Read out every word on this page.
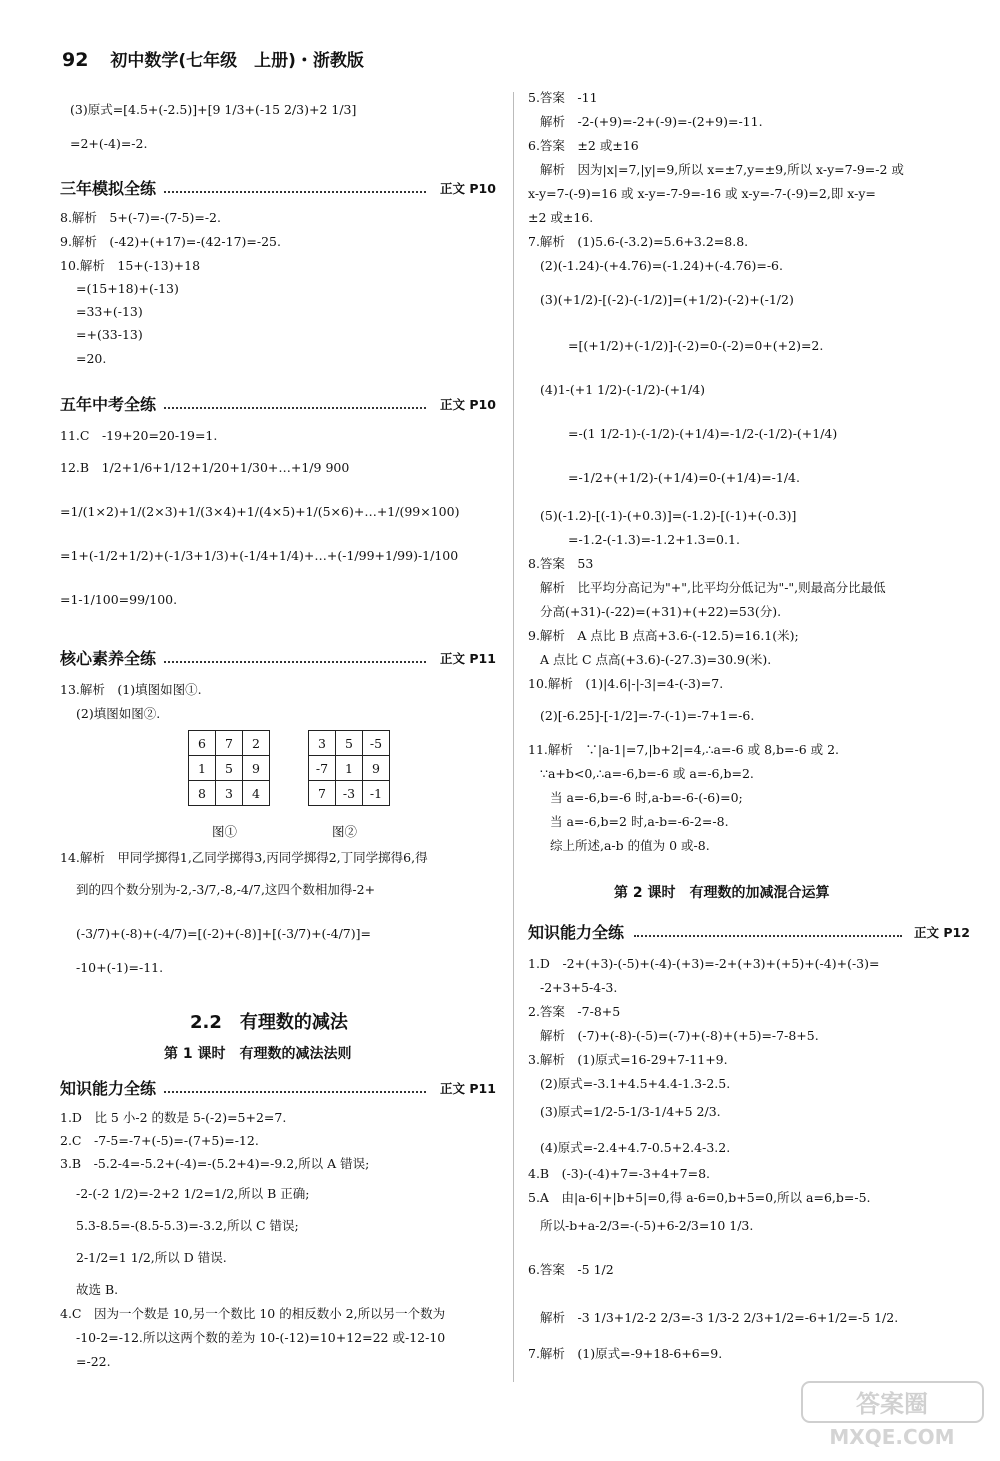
92 初中数学(七年级　上册)・浙教版
(3)原式=[4.5+(-2.5)]+[9 1/3+(-15 2/3)+2 1/3]
=2+(-4)=-2.
三年模拟全练	正文 P10
8.解析　5+(-7)=-(7-5)=-2.
9.解析　(-42)+(+17)=-(42-17)=-25.
10.解析　15+(-13)+18
=(15+18)+(-13)
=33+(-13)
=+(33-13)
=20.
五年中考全练	正文 P10
11.C　-19+20=20-19=1.
12.B　1/2+1/6+1/12+1/20+1/30+…+1/9 900
=1/(1×2)+1/(2×3)+1/(3×4)+1/(4×5)+1/(5×6)+…+1/(99×100)
=1+(-1/2+1/2)+(-1/3+1/3)+(-1/4+1/4)+…+(-1/99+1/99)-1/100
=1-1/100=99/100.
核心素养全练	正文 P11
13.解析　(1)填图如图①.
(2)填图如图②.
6	7	2
1	5	9
8	3	4
图①
3	5	-5
-7	1	9
7	-3	-1
图②
14.解析　甲同学掷得1,乙同学掷得3,丙同学掷得2,丁同学掷得6,得
到的四个数分别为-2,-3/7,-8,-4/7,这四个数相加得-2+
(-3/7)+(-8)+(-4/7)=[(-2)+(-8)]+[(-3/7)+(-4/7)]=
-10+(-1)=-11.
2.2　有理数的减法
第 1 课时　有理数的减法法则
知识能力全练	正文 P11
1.D　比 5 小-2 的数是 5-(-2)=5+2=7.
2.C　-7-5=-7+(-5)=-(7+5)=-12.
3.B　-5.2-4=-5.2+(-4)=-(5.2+4)=-9.2,所以 A 错误;
-2-(-2 1/2)=-2+2 1/2=1/2,所以 B 正确;
5.3-8.5=-(8.5-5.3)=-3.2,所以 C 错误;
2-1/2=1 1/2,所以 D 错误.
故选 B.
4.C　因为一个数是 10,另一个数比 10 的相反数小 2,所以另一个数为
-10-2=-12.所以这两个数的差为 10-(-12)=10+12=22 或-12-10
=-22.
5.答案　-11
解析　-2-(+9)=-2+(-9)=-(2+9)=-11.
6.答案　±2 或±16
解析　因为|x|=7,|y|=9,所以 x=±7,y=±9,所以 x-y=7-9=-2 或
x-y=7-(-9)=16 或 x-y=-7-9=-16 或 x-y=-7-(-9)=2,即 x-y=
±2 或±16.
7.解析　(1)5.6-(-3.2)=5.6+3.2=8.8.
(2)(-1.24)-(+4.76)=(-1.24)+(-4.76)=-6.
(3)(+1/2)-[(-2)-(-1/2)]=(+1/2)-(-2)+(-1/2)
=[(+1/2)+(-1/2)]-(-2)=0-(-2)=0+(+2)=2.
(4)1-(+1 1/2)-(-1/2)-(+1/4)
=-(1 1/2-1)-(-1/2)-(+1/4)=-1/2-(-1/2)-(+1/4)
=-1/2+(+1/2)-(+1/4)=0-(+1/4)=-1/4.
(5)(-1.2)-[(-1)-(+0.3)]=(-1.2)-[(-1)+(-0.3)]
=-1.2-(-1.3)=-1.2+1.3=0.1.
8.答案　53
解析　比平均分高记为"+",比平均分低记为"-",则最高分比最低
分高(+31)-(-22)=(+31)+(+22)=53(分).
9.解析　A 点比 B 点高+3.6-(-12.5)=16.1(米);
A 点比 C 点高(+3.6)-(-27.3)=30.9(米).
10.解析　(1)|4.6|-|-3|=4-(-3)=7.
(2)[-6.25]-[-1/2]=-7-(-1)=-7+1=-6.
11.解析　∵|a-1|=7,|b+2|=4,∴a=-6 或 8,b=-6 或 2.
∵a+b<0,∴a=-6,b=-6 或 a=-6,b=2.
当 a=-6,b=-6 时,a-b=-6-(-6)=0;
当 a=-6,b=2 时,a-b=-6-2=-8.
综上所述,a-b 的值为 0 或-8.
第 2 课时　有理数的加减混合运算
知识能力全练	正文 P12
1.D　-2+(+3)-(-5)+(-4)-(+3)=-2+(+3)+(+5)+(-4)+(-3)=
-2+3+5-4-3.
2.答案　-7-8+5
解析　(-7)+(-8)-(-5)=(-7)+(-8)+(+5)=-7-8+5.
3.解析　(1)原式=16-29+7-11+9.
(2)原式=-3.1+4.5+4.4-1.3-2.5.
(3)原式=1/2-5-1/3-1/4+5 2/3.
(4)原式=-2.4+4.7-0.5+2.4-3.2.
4.B　(-3)-(-4)+7=-3+4+7=8.
5.A　由|a-6|+|b+5|=0,得 a-6=0,b+5=0,所以 a=6,b=-5.
所以-b+a-2/3=-(-5)+6-2/3=10 1/3.
6.答案　-5 1/2
解析　-3 1/3+1/2-2 2/3=-3 1/3-2 2/3+1/2=-6+1/2=-5 1/2.
7.解析　(1)原式=-9+18-6+6=9.
答案圈
MXQE.COM
